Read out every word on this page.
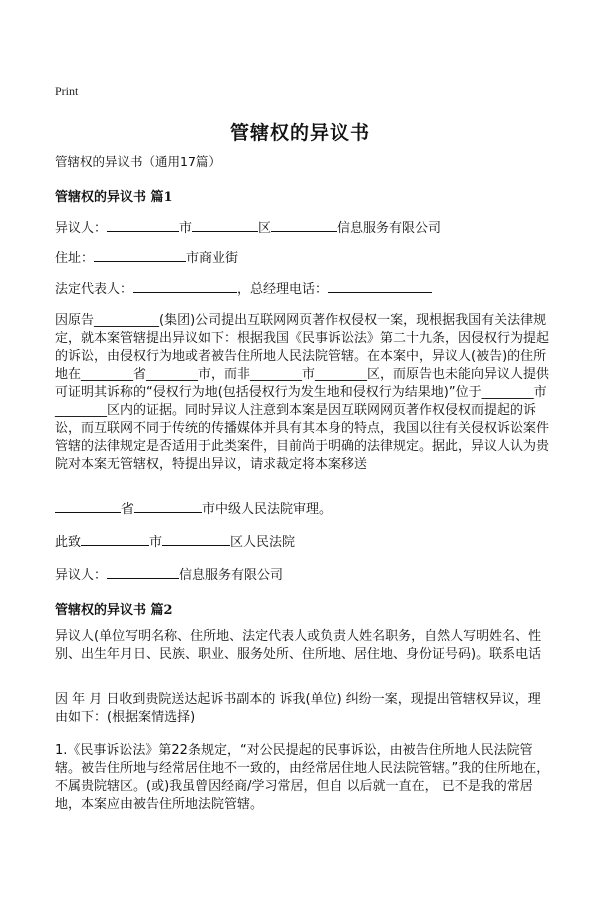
Print
管辖权的异议书
管辖权的异议书（通用17篇）
管辖权的异议书 篇1
异议人：	市	区	信息服务有限公司
住址：	市商业街
法定代表人：	，总经理电话：
因原告__________(集团)公司提出互联网网页著作权侵权一案，现根据我国有关法律规定，就本案管辖提出异议如下：根据我国《民事诉讼法》第二十九条，因侵权行为提起的诉讼，由侵权行为地或者被告住所地人民法院管辖。在本案中，异议人(被告)的住所地在________省________市，而非________市________区，而原告也未能向异议人提供可证明其诉称的“侵权行为地(包括侵权行为发生地和侵权行为结果地)”位于________市________区内的证据。同时异议人注意到本案是因互联网网页著作权侵权而提起的诉讼，而互联网不同于传统的传播媒体并具有其本身的特点，我国以往有关侵权诉讼案件管辖的法律规定是否适用于此类案件，目前尚于明确的法律规定。据此，异议人认为贵院对本案无管辖权，特提出异议，请求裁定将本案移送
省	市中级人民法院审理。
此致	市	区人民法院
异议人：	信息服务有限公司
管辖权的异议书 篇2
异议人(单位写明名称、住所地、法定代表人或负责人姓名职务，自然人写明姓名、性别、出生年月日、民族、职业、服务处所、住所地、居住地、身份证号码)。联系电话
因 年 月 日收到贵院送达起诉书副本的 诉我(单位) 纠纷一案，现提出管辖权异议，理由如下：(根据案情选择)
1.《民事诉讼法》第22条规定，“对公民提起的民事诉讼，由被告住所地人民法院管辖。被告住所地与经常居住地不一致的，由经常居住地人民法院管辖。”我的住所地在，不属贵院辖区。(或)我虽曾因经商/学习常居，但自 以后就一直在， 已不是我的常居地，本案应由被告住所地法院管辖。
